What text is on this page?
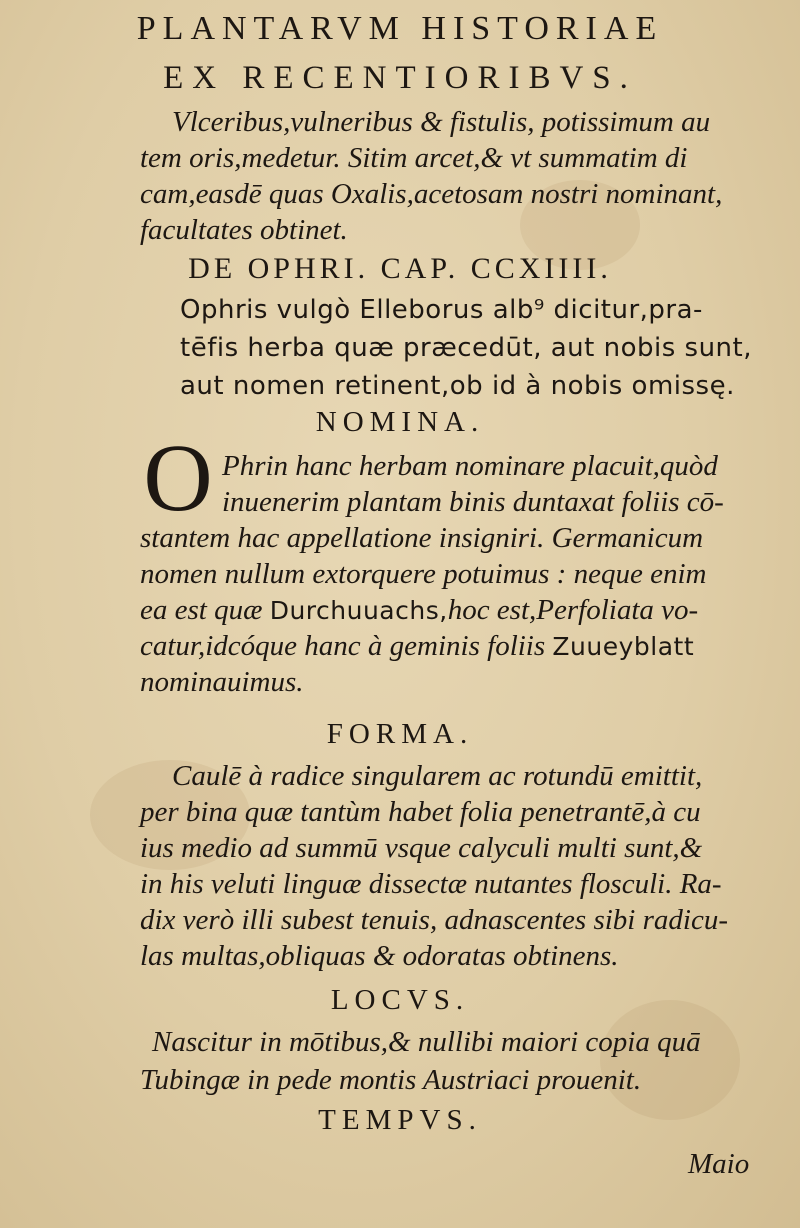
PLANTARVM HISTORIAE
EX RECENTIORIBVS.
Vlceribus,vulneribus & fistulis, potissimum au
tem oris,medetur. Sitim arcet,& vt summatim di
cam,easdē quas Oxalis,acetosam nostri nominant,
facultates obtinet.
DE OPHRI. CAP. CCXIIII.
Ophris vulgò Elleborus alb⁹ dicitur,pra-
tēfis herba quæ præcedūt, aut nobis sunt,
aut nomen retinent,ob id à nobis omissę.
NOMINA.
O Phrin hanc herbam nominare placuit,quòd
inuenerim plantam binis duntaxat foliis cō-
stantem hac appellatione insigniri. Germanicum
nomen nullum extorquere potuimus : neque enim
ea est quæ Durchuuachs,hoc est,Perfoliata vo-
catur,idcóque hanc à geminis foliis Zuueyblatt
nominauimus.
FORMA.
Caulē à radice singularem ac rotundū emittit,
per bina quæ tantùm habet folia penetrantē,à cu
ius medio ad summū vsque calyculi multi sunt,&
in his veluti linguæ dissectæ nutantes flosculi. Ra-
dix verò illi subest tenuis, adnascentes sibi radicu-
las multas,obliquas & odoratas obtinens.
LOCVS.
Nascitur in mōtibus,& nullibi maiori copia quā
Tubingæ in pede montis Austriaci prouenit.
TEMPVS.
Maio
